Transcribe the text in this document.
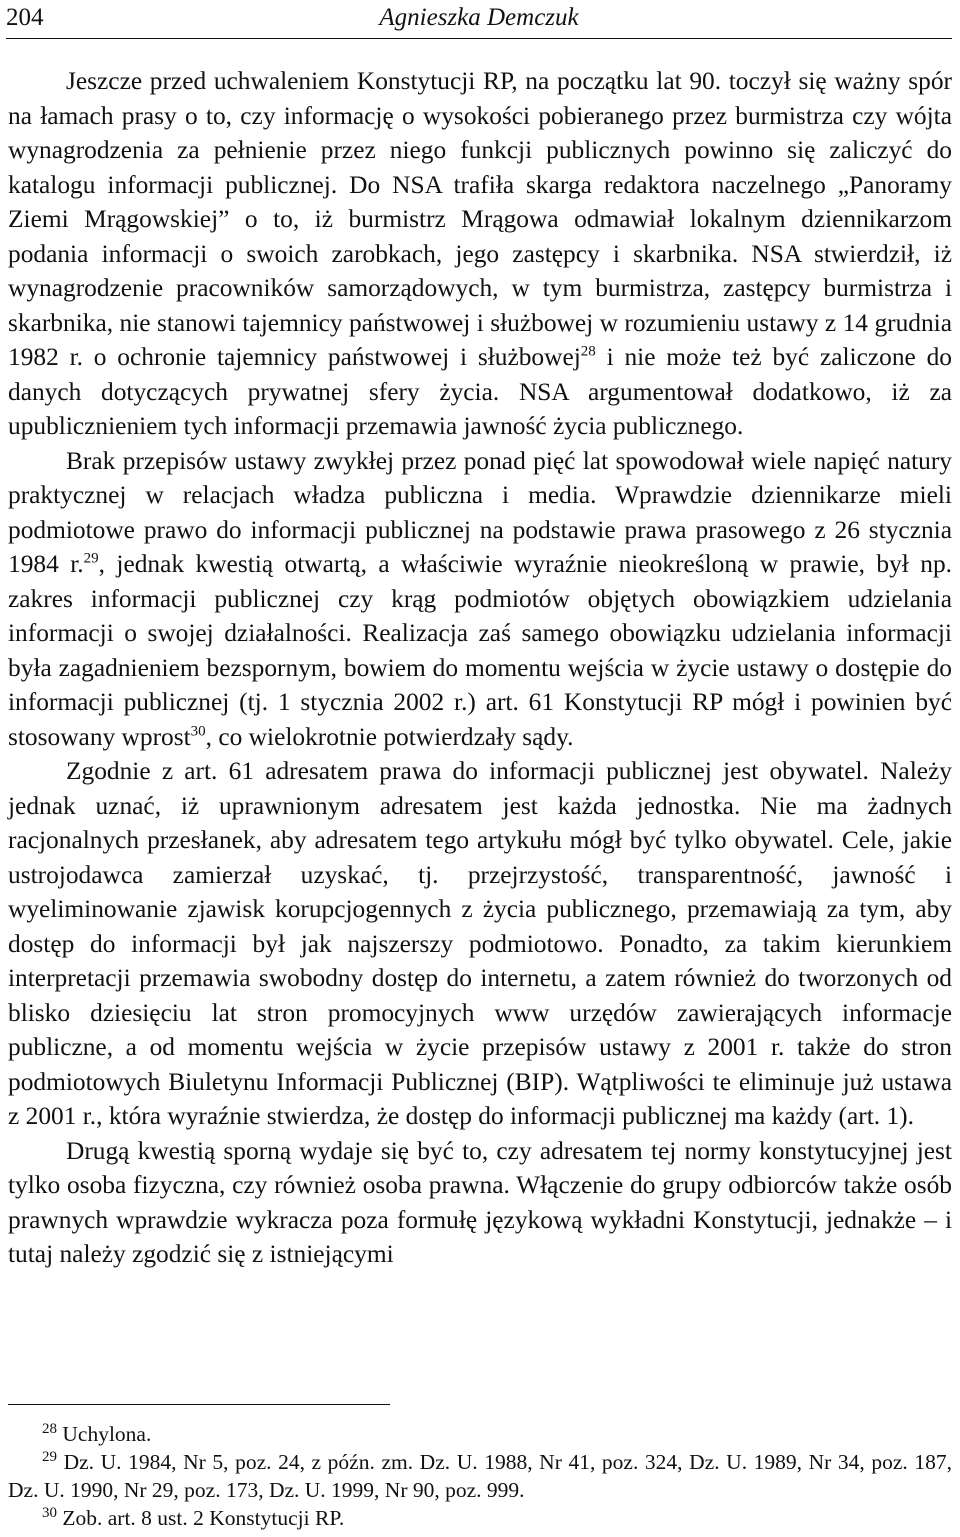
204	Agnieszka Demczuk

Jeszcze przed uchwaleniem Konstytucji RP, na początku lat 90. toczył się ważny spór na łamach prasy o to, czy informację o wysokości pobieranego przez burmistrza czy wójta wynagrodzenia za pełnienie przez niego funkcji publicznych powinno się zaliczyć do katalogu informacji publicznej. Do NSA trafiła skarga redaktora naczelnego „Panoramy Ziemi Mrągowskiej” o to, iż burmistrz Mrągowa odmawiał lokalnym dziennikarzom podania informacji o swoich zarobkach, jego zastępcy i skarbnika. NSA stwierdził, iż wynagrodzenie pracowników samorządowych, w tym burmistrza, zastępcy burmistrza i skarbnika, nie stanowi tajemnicy państwowej i służbowej w rozumieniu ustawy z 14 grudnia 1982 r. o ochronie tajemnicy państwowej i służbowej$^{28}$ i nie może też być zaliczone do danych dotyczących prywatnej sfery życia. NSA argumentował dodatkowo, iż za upublicznieniem tych informacji przemawia jawność życia publicznego.

Brak przepisów ustawy zwykłej przez ponad pięć lat spowodował wiele napięć natury praktycznej w relacjach władza publiczna i media. Wprawdzie dziennikarze mieli podmiotowe prawo do informacji publicznej na podstawie prawa prasowego z 26 stycznia 1984 r.$^{29}$, jednak kwestią otwartą, a właściwie wyraźnie nieokreśloną w prawie, był np. zakres informacji publicznej czy krąg podmiotów objętych obowiązkiem udzielania informacji o swojej działalności. Realizacja zaś samego obowiązku udzielania informacji była zagadnieniem bezspornym, bowiem do momentu wejścia w życie ustawy o dostępie do informacji publicznej (tj. 1 stycznia 2002 r.) art. 61 Konstytucji RP mógł i powinien być stosowany wprost$^{30}$, co wielokrotnie potwierdzały sądy.

Zgodnie z art. 61 adresatem prawa do informacji publicznej jest obywatel. Należy jednak uznać, iż uprawnionym adresatem jest każda jednostka. Nie ma żadnych racjonalnych przesłanek, aby adresatem tego artykułu mógł być tylko obywatel. Cele, jakie ustrojodawca zamierzał uzyskać, tj. przejrzystość, transparentność, jawność i wyeliminowanie zjawisk korupcjogennych z życia publicznego, przemawiają za tym, aby dostęp do informacji był jak najszerszy podmiotowo. Ponadto, za takim kierunkiem interpretacji przemawia swobodny dostęp do internetu, a zatem również do tworzonych od blisko dziesięciu lat stron promocyjnych www urzędów zawierających informacje publiczne, a od momentu wejścia w życie przepisów ustawy z 2001 r. także do stron podmiotowych Biuletynu Informacji Publicznej (BIP). Wątpliwości te eliminuje już ustawa z 2001 r., która wyraźnie stwierdza, że dostęp do informacji publicznej ma każdy (art. 1).

Drugą kwestią sporną wydaje się być to, czy adresatem tej normy konstytucyjnej jest tylko osoba fizyczna, czy również osoba prawna. Włączenie do grupy odbiorców także osób prawnych wprawdzie wykracza poza formułę językową wykładni Konstytucji, jednakże – i tutaj należy zgodzić się z istniejącymi

$^{28}$ Uchylona.

$^{29}$ Dz. U. 1984, Nr 5, poz. 24, z późn. zm. Dz. U. 1988, Nr 41, poz. 324, Dz. U. 1989, Nr 34, poz. 187, Dz. U. 1990, Nr 29, poz. 173, Dz. U. 1999, Nr 90, poz. 999.

$^{30}$ Zob. art. 8 ust. 2 Konstytucji RP.
